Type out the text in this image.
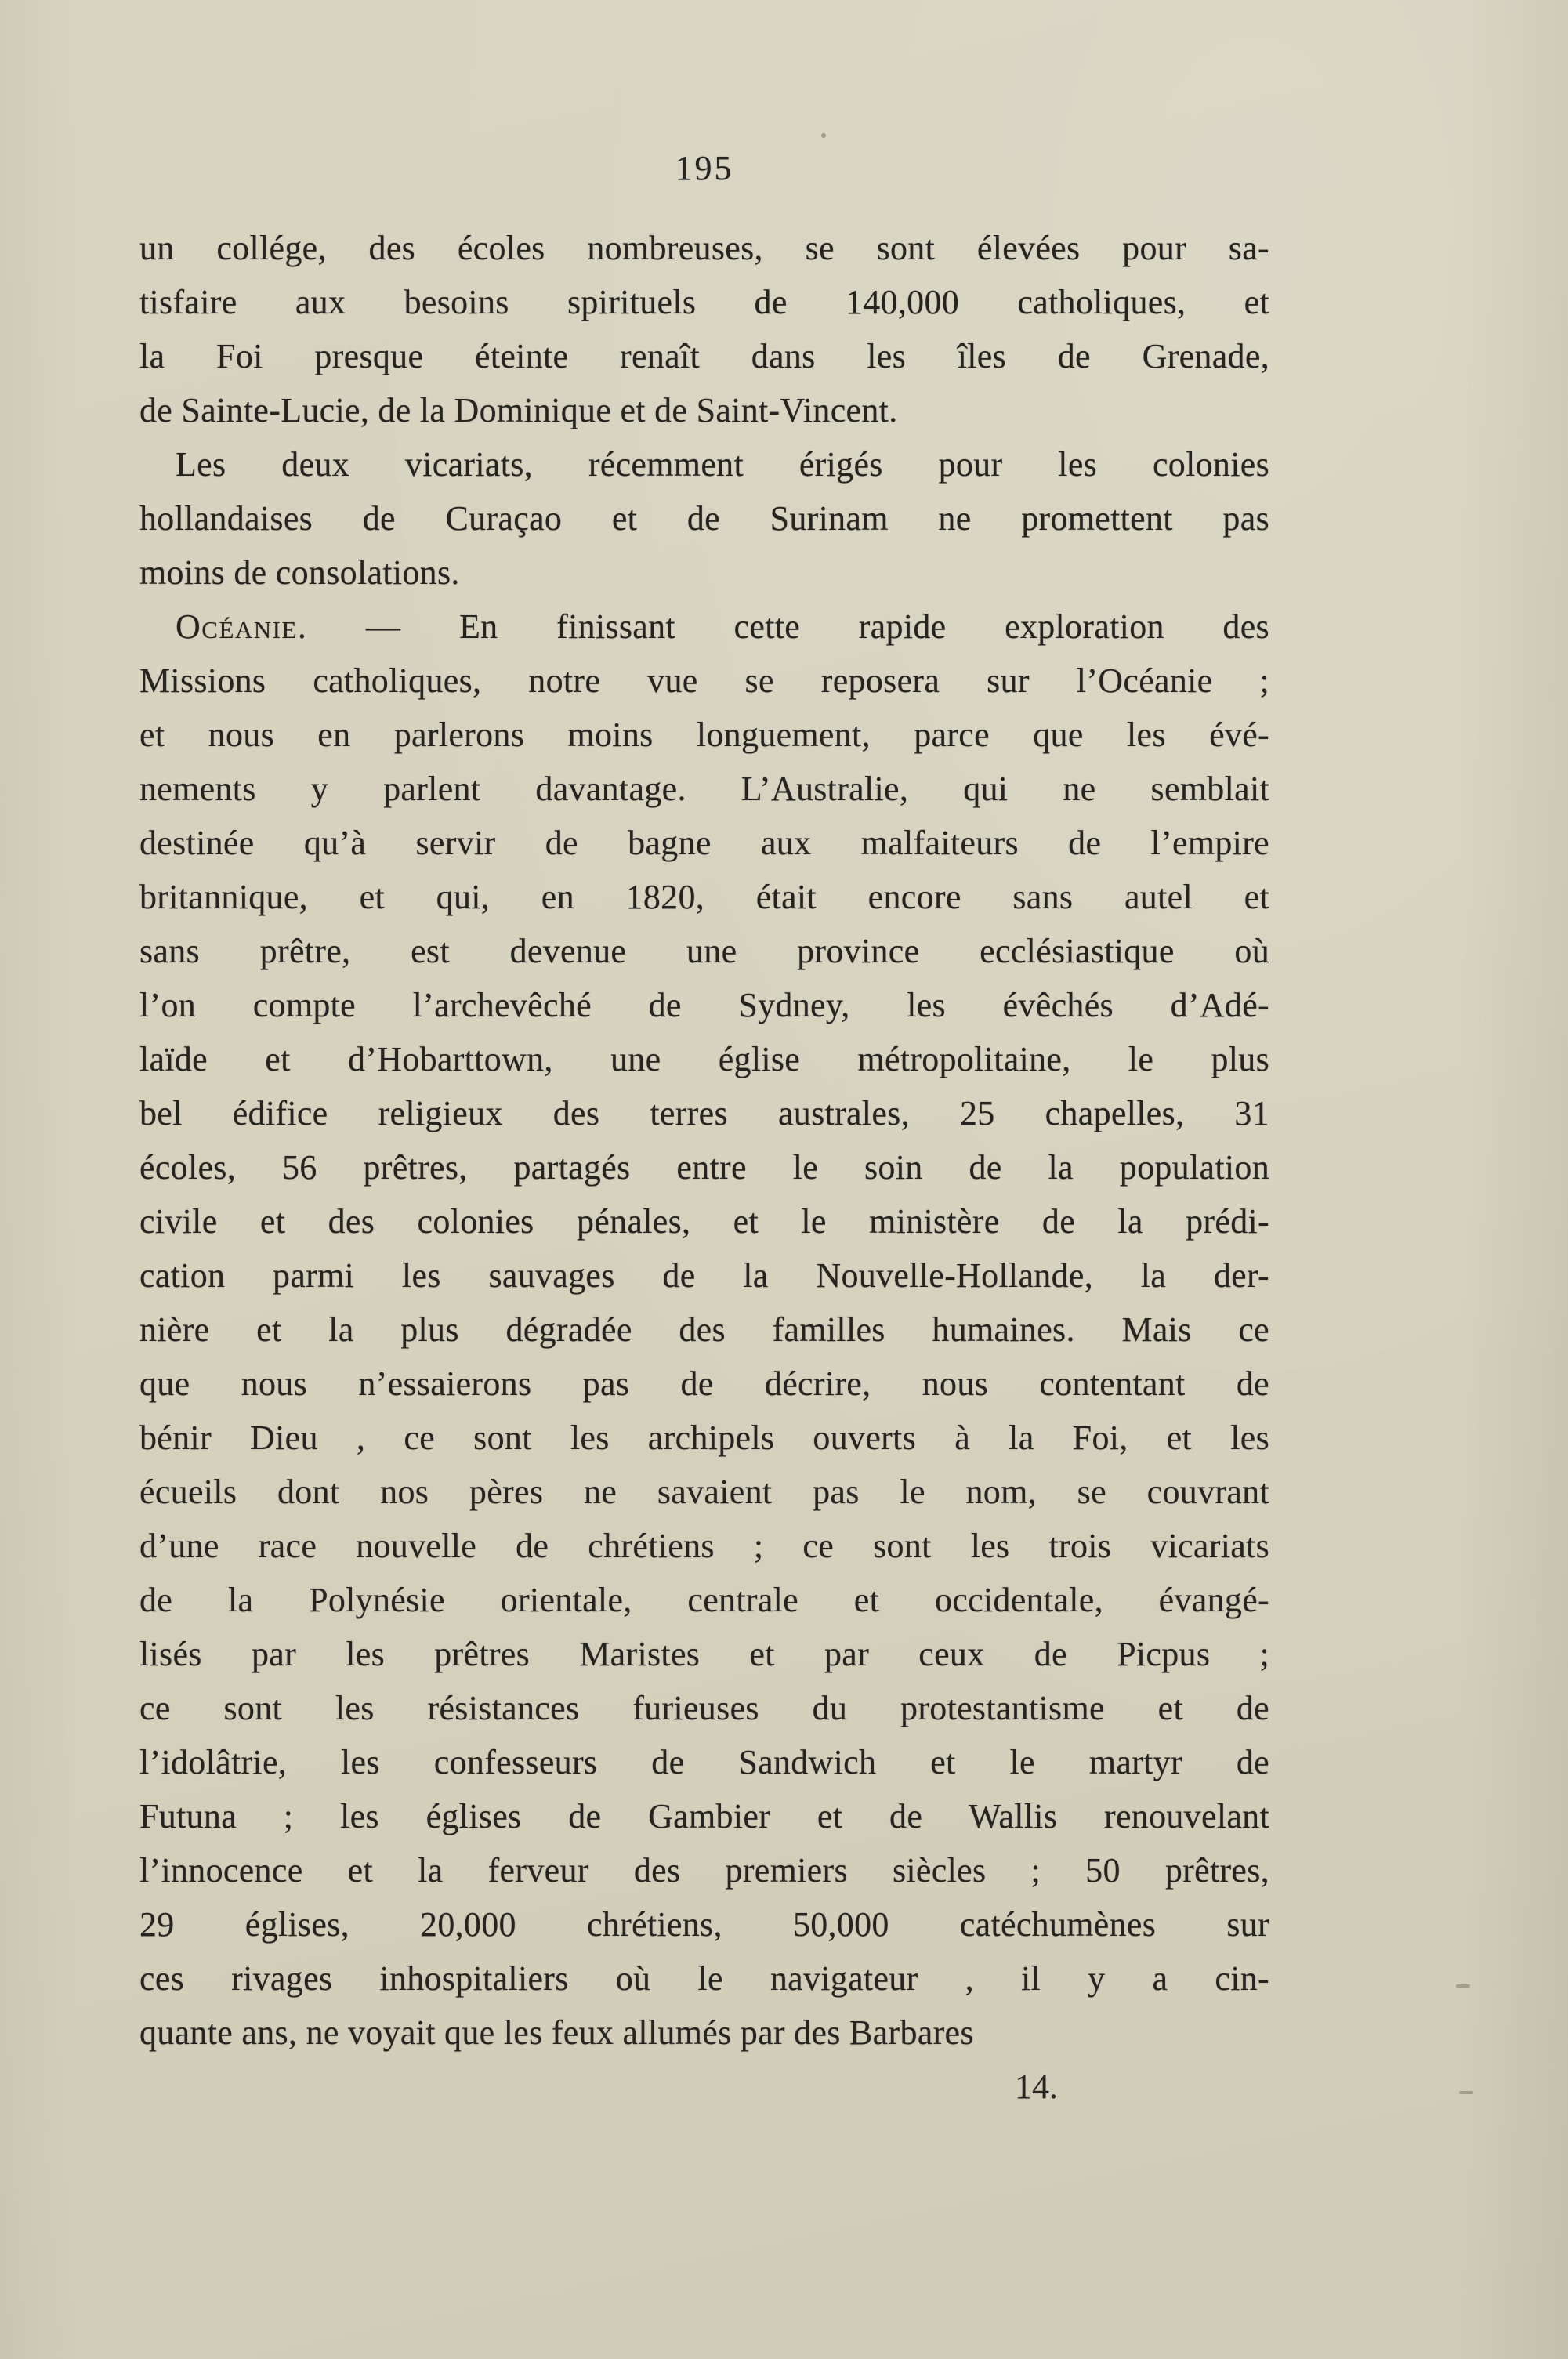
195
un collége, des écoles nombreuses, se sont élevées pour sa-
tisfaire aux besoins spirituels de 140,000 catholiques, et
la Foi presque éteinte renaît dans les îles de Grenade,
de Sainte-Lucie, de la Dominique et de Saint-Vincent.
Les deux vicariats, récemment érigés pour les colonies
hollandaises de Curaçao et de Surinam ne promettent pas
moins de consolations.
Océanie. — En finissant cette rapide exploration des
Missions catholiques, notre vue se reposera sur l’Océanie ;
et nous en parlerons moins longuement, parce que les évé-
nements y parlent davantage. L’Australie, qui ne semblait
destinée qu’à servir de bagne aux malfaiteurs de l’empire
britannique, et qui, en 1820, était encore sans autel et
sans prêtre, est devenue une province ecclésiastique où
l’on compte l’archevêché de Sydney, les évêchés d’Adé-
laïde et d’Hobarttown, une église métropolitaine, le plus
bel édifice religieux des terres australes, 25 chapelles, 31
écoles, 56 prêtres, partagés entre le soin de la population
civile et des colonies pénales, et le ministère de la prédi-
cation parmi les sauvages de la Nouvelle-Hollande, la der-
nière et la plus dégradée des familles humaines. Mais ce
que nous n’essaierons pas de décrire, nous contentant de
bénir Dieu , ce sont les archipels ouverts à la Foi, et les
écueils dont nos pères ne savaient pas le nom, se couvrant
d’une race nouvelle de chrétiens ; ce sont les trois vicariats
de la Polynésie orientale, centrale et occidentale, évangé-
lisés par les prêtres Maristes et par ceux de Picpus ;
ce sont les résistances furieuses du protestantisme et de
l’idolâtrie, les confesseurs de Sandwich et le martyr de
Futuna ; les églises de Gambier et de Wallis renouvelant
l’innocence et la ferveur des premiers siècles ; 50 prêtres,
29 églises, 20,000 chrétiens, 50,000 catéchumènes sur
ces rivages inhospitaliers où le navigateur , il y a cin-
quante ans, ne voyait que les feux allumés par des Barbares
14.
